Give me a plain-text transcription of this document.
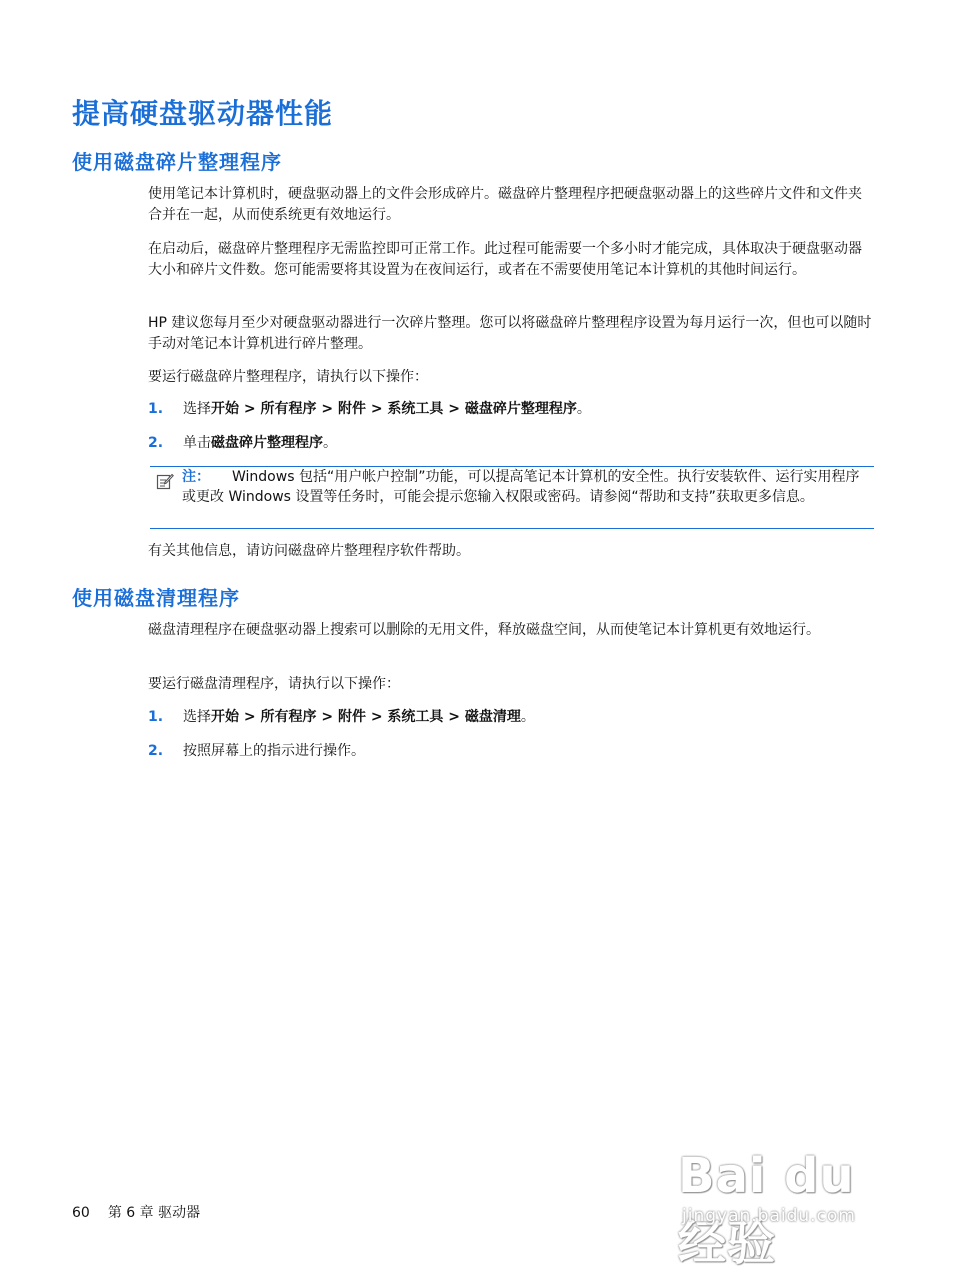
提高硬盘驱动器性能
使用磁盘碎片整理程序

使用笔记本计算机时，硬盘驱动器上的文件会形成碎片。磁盘碎片整理程序把硬盘驱动器上的这些碎片文件和文件夹合并在一起，从而使系统更有效地运行。

在启动后，磁盘碎片整理程序无需监控即可正常工作。此过程可能需要一个多小时才能完成，具体取决于硬盘驱动器大小和碎片文件数。您可能需要将其设置为在夜间运行，或者在不需要使用笔记本计算机的其他时间运行。

HP 建议您每月至少对硬盘驱动器进行一次碎片整理。您可以将磁盘碎片整理程序设置为每月运行一次，但也可以随时手动对笔记本计算机进行碎片整理。

要运行磁盘碎片整理程序，请执行以下操作：

1. 选择开始 > 所有程序 > 附件 > 系统工具 > 磁盘碎片整理程序。
2. 单击磁盘碎片整理程序。

注： Windows 包括“用户帐户控制”功能，可以提高笔记本计算机的安全性。执行安装软件、运行实用程序或更改 Windows 设置等任务时，可能会提示您输入权限或密码。请参阅“帮助和支持”获取更多信息。

有关其他信息，请访问磁盘碎片整理程序软件帮助。

使用磁盘清理程序

磁盘清理程序在硬盘驱动器上搜索可以删除的无用文件，释放磁盘空间，从而使笔记本计算机更有效地运行。

要运行磁盘清理程序，请执行以下操作：

1. 选择开始 > 所有程序 > 附件 > 系统工具 > 磁盘清理。
2. 按照屏幕上的指示进行操作。
60 第 6 章 驱动器
Bai du 经验
jingyan.baidu.com
